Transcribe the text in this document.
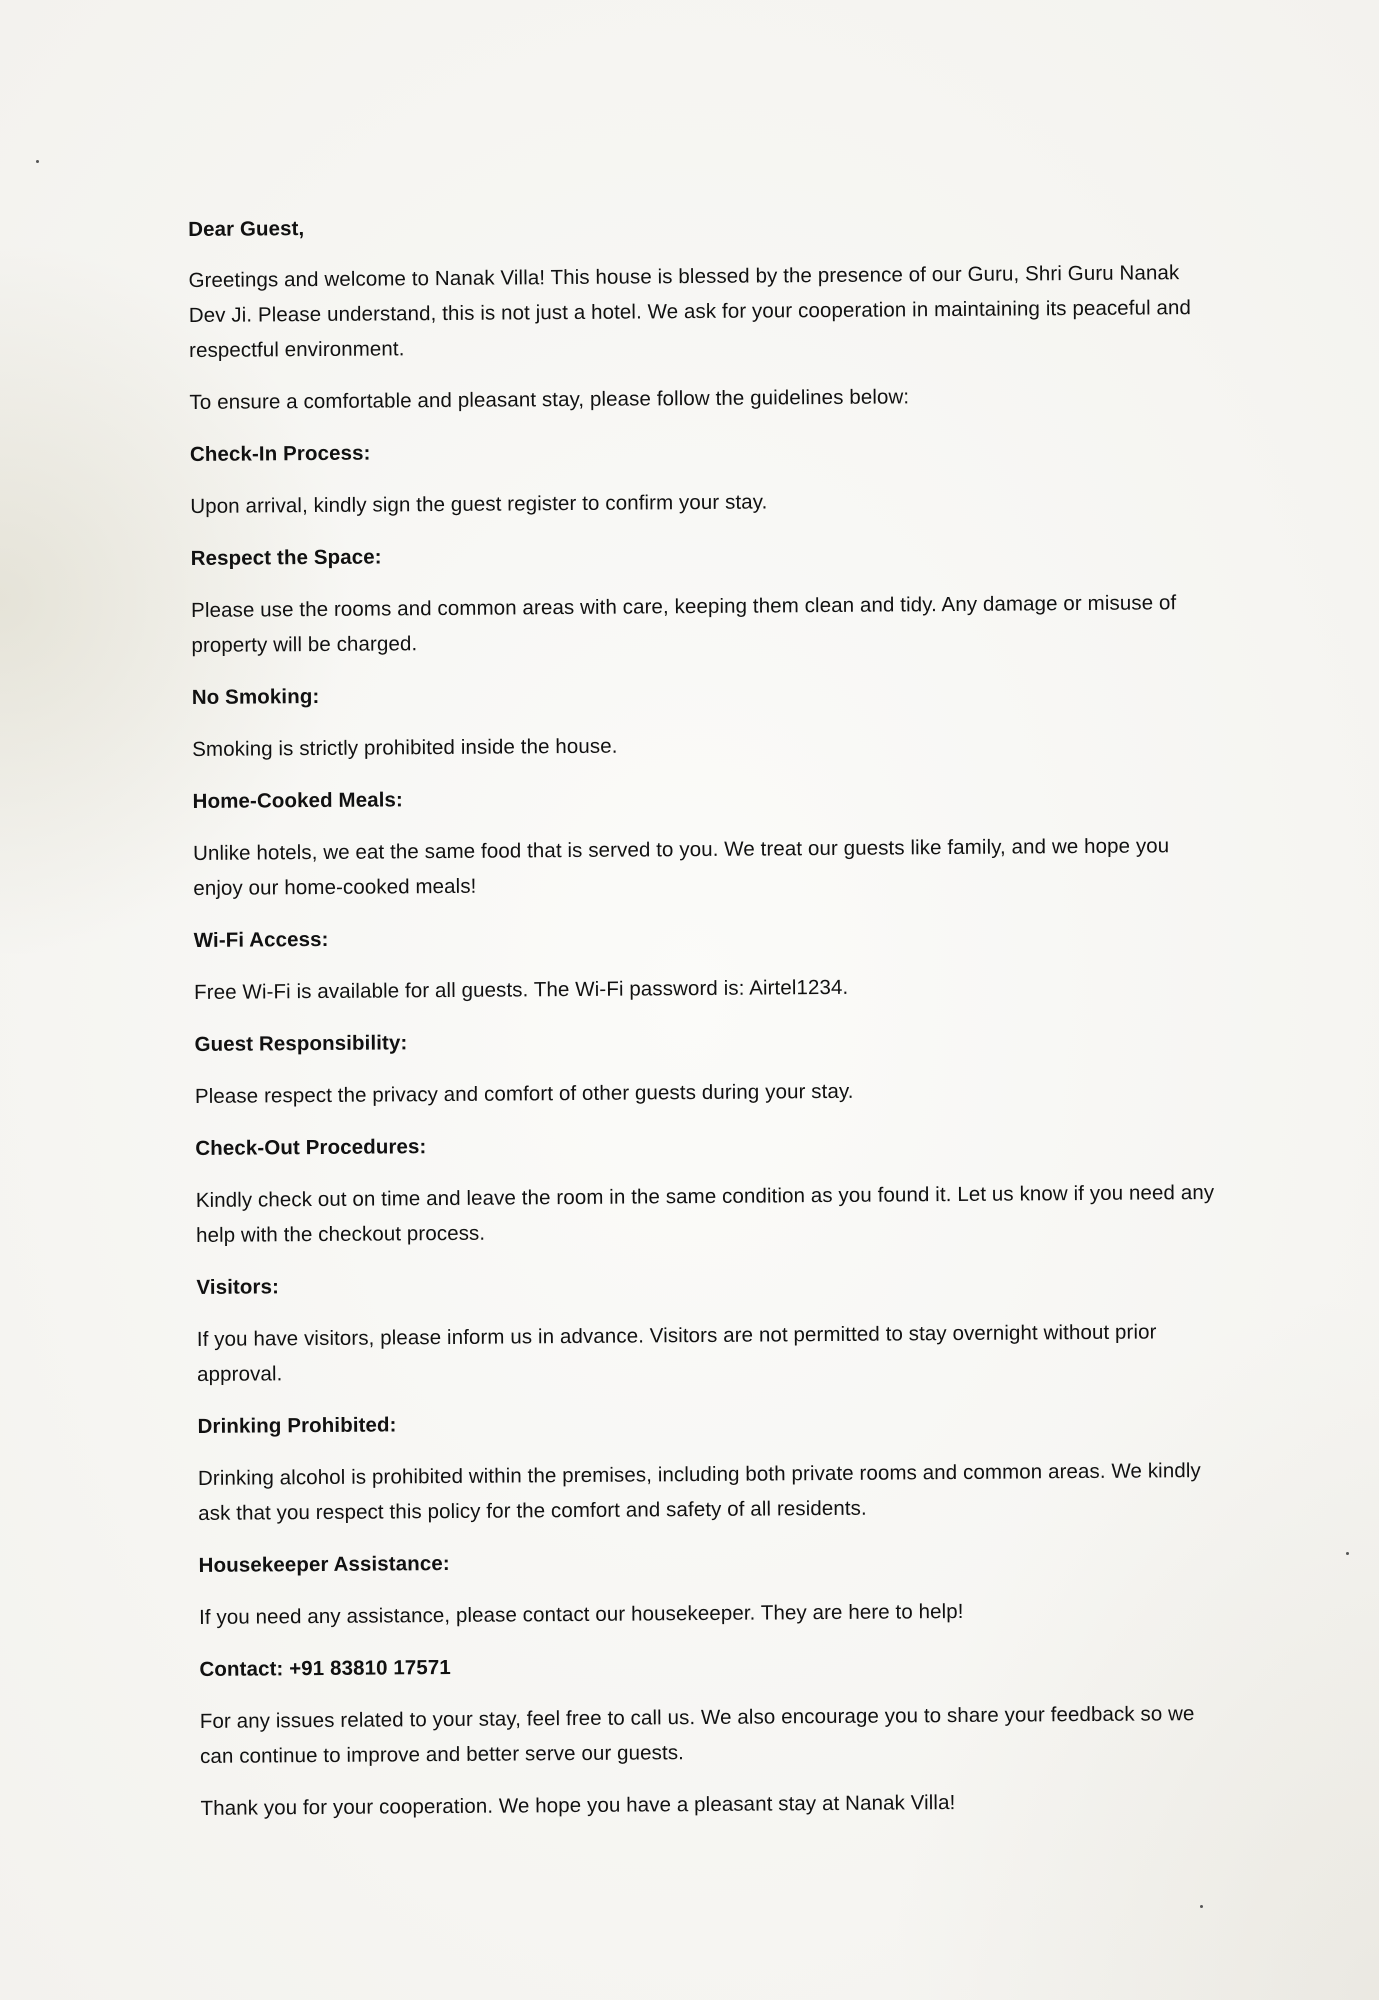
Dear Guest,

Greetings and welcome to Nanak Villa! This house is blessed by the presence of our Guru, Shri Guru Nanak Dev Ji. Please understand, this is not just a hotel. We ask for your cooperation in maintaining its peaceful and respectful environment.

To ensure a comfortable and pleasant stay, please follow the guidelines below:

Check-In Process:

Upon arrival, kindly sign the guest register to confirm your stay.

Respect the Space:

Please use the rooms and common areas with care, keeping them clean and tidy. Any damage or misuse of property will be charged.

No Smoking:

Smoking is strictly prohibited inside the house.

Home-Cooked Meals:

Unlike hotels, we eat the same food that is served to you. We treat our guests like family, and we hope you enjoy our home-cooked meals!

Wi-Fi Access:

Free Wi-Fi is available for all guests. The Wi-Fi password is: Airtel1234.

Guest Responsibility:

Please respect the privacy and comfort of other guests during your stay.

Check-Out Procedures:

Kindly check out on time and leave the room in the same condition as you found it. Let us know if you need any help with the checkout process.

Visitors:

If you have visitors, please inform us in advance. Visitors are not permitted to stay overnight without prior approval.

Drinking Prohibited:

Drinking alcohol is prohibited within the premises, including both private rooms and common areas. We kindly ask that you respect this policy for the comfort and safety of all residents.

Housekeeper Assistance:

If you need any assistance, please contact our housekeeper. They are here to help!

Contact: +91 83810 17571

For any issues related to your stay, feel free to call us. We also encourage you to share your feedback so we can continue to improve and better serve our guests.

Thank you for your cooperation. We hope you have a pleasant stay at Nanak Villa!
